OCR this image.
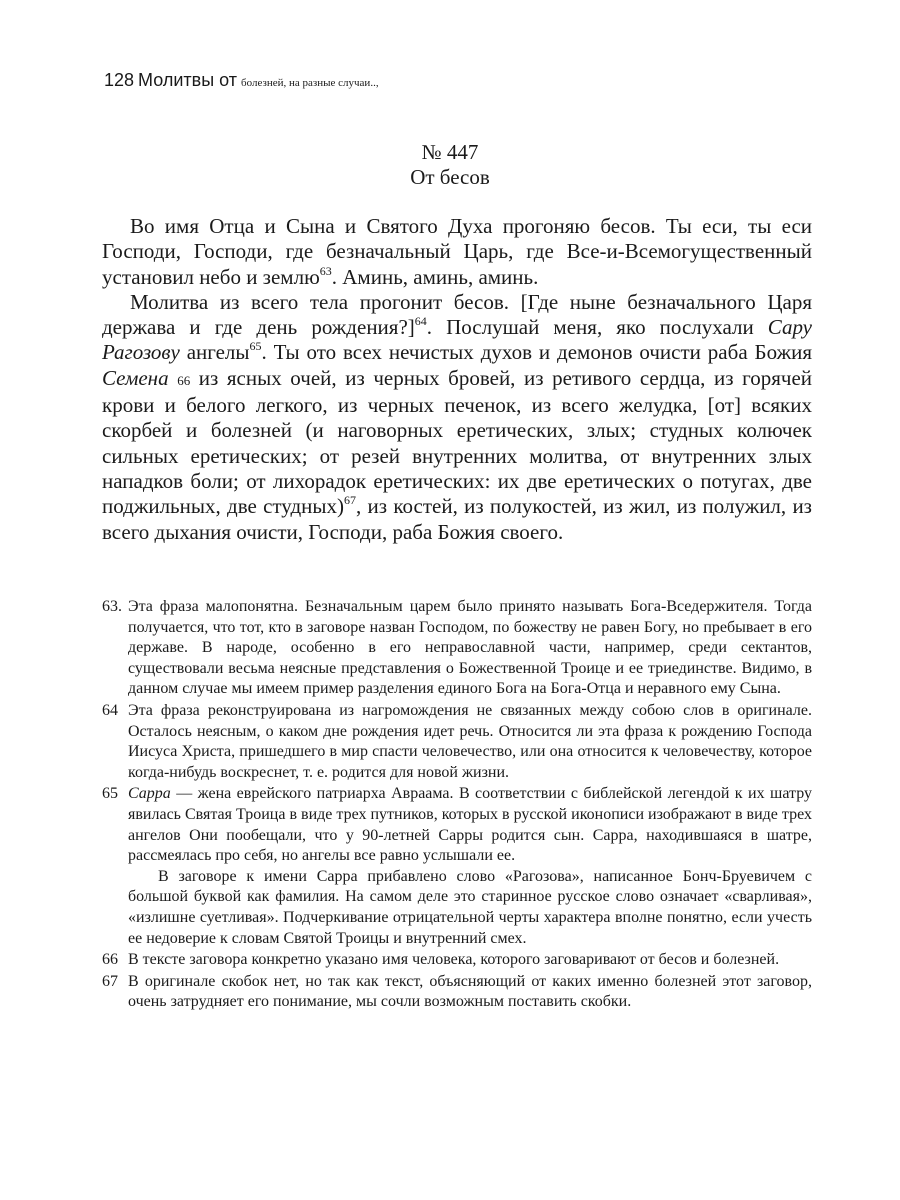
128 Молитвы от болезней, на разные случаи..,
№ 447
От бесов

Во имя Отца и Сына и Святого Духа прогоняю бесов. Ты еси, ты еси Господи, Господи, где безначальный Царь, где Все-и-Всемогущественный установил небо и землю$^{63}$. Аминь, аминь, аминь.

Молитва из всего тела прогонит бесов. [Где ныне безначального Царя держава и где день рождения?]$^{64}$. Послушай меня, яко послухали Сару Рагозову ангелы$^{65}$. Ты ото всех нечистых духов и демонов очисти раба Божия Семена 66 из ясных очей, из черных бровей, из ретивого сердца, из горячей крови и белого легкого, из черных печенок, из всего желудка, [от] всяких скорбей и болезней (и наговорных еретических, злых; студных колючек сильных еретических; от резей внутренних молитва, от внутренних злых нападков боли; от лихорадок еретических: их две еретических о потугах, две поджильных, две студных)$^{67}$, из костей, из полукостей, из жил, из полужил, из всего дыхания очисти, Господи, раба Божия своего.

63. Эта фраза малопонятна. Безначальным царем было принято называть Бога-Вседержителя. Тогда получается, что тот, кто в заговоре назван Господом, по божеству не равен Богу, но пребывает в его державе. В народе, особенно в его неправославной части, например, среди сектантов, существовали весьма неясные представления о Божественной Троице и ее триединстве. Видимо, в данном случае мы имеем пример разделения единого Бога на Бога-Отца и неравного ему Сына.

64 Эта фраза реконструирована из нагромождения не связанных между собою слов в оригинале. Осталось неясным, о каком дне рождения идет речь. Относится ли эта фраза к рождению Господа Иисуса Христа, пришедшего в мир спасти человечество, или она относится к человечеству, которое когда-нибудь воскреснет, т. е. родится для новой жизни.

65 Сарра — жена еврейского патриарха Авраама. В соответствии с библейской легендой к их шатру явилась Святая Троица в виде трех путников, которых в русской иконописи изображают в виде трех ангелов Они пообещали, что у 90-летней Сарры родится сын. Сарра, находившаяся в шатре, рассмеялась про себя, но ангелы все равно услышали ее.

В заговоре к имени Сарра прибавлено слово «Рагозова», написанное Бонч-Бруевичем с большой буквой как фамилия. На самом деле это старинное русское слово означает «сварливая», «излишне суетливая». Подчеркивание отрицательной черты характера вполне понятно, если учесть ее недоверие к словам Святой Троицы и внутренний смех.

66 В тексте заговора конкретно указано имя человека, которого заговаривают от бесов и болезней.

67 В оригинале скобок нет, но так как текст, объясняющий от каких именно болезней этот заговор, очень затрудняет его понимание, мы сочли возможным поставить скобки.
